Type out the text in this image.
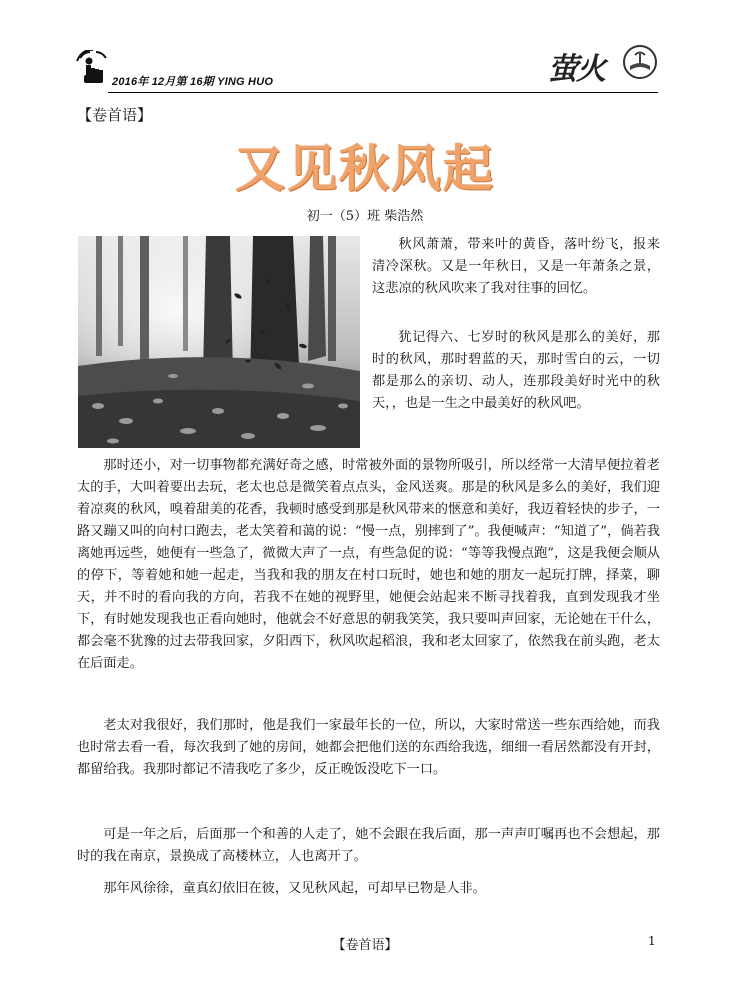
2016年 12月第 16期 YING HUO	萤火
【卷首语】
又见秋风起
初一（5）班 柴浩然

秋风萧萧，带来叶的黄昏，落叶纷飞，报来清冷深秋。又是一年秋日，又是一年萧条之景，这悲凉的秋风吹来了我对往事的回忆。

犹记得六、七岁时的秋风是那么的美好，那时的秋风，那时碧蓝的天，那时雪白的云，一切都是那么的亲切、动人，连那段美好时光中的秋天，，也是一生之中最美好的秋风吧。

那时还小，对一切事物都充满好奇之感，时常被外面的景物所吸引，所以经常一大清早便拉着老太的手，大叫着要出去玩，老太也总是微笑着点点头，金风送爽。那是的秋风是多么的美好，我们迎着凉爽的秋风，嗅着甜美的花香，我顿时感受到那是秋风带来的惬意和美好，我迈着轻快的步子，一路又蹦又叫的向村口跑去，老太笑着和蔼的说：“慢一点，别摔到了”。我便喊声：“知道了”，倘若我离她再远些，她便有一些急了，微微大声了一点，有些急促的说：“等等我慢点跑”，这是我便会顺从的停下，等着她和她一起走，当我和我的朋友在村口玩时，她也和她的朋友一起玩打牌，择菜，聊天，并不时的看向我的方向，若我不在她的视野里，她便会站起来不断寻找着我，直到发现我才坐下，有时她发现我也正看向她时，他就会不好意思的朝我笑笑，我只要叫声回家，无论她在干什么，都会毫不犹豫的过去带我回家，夕阳西下，秋风吹起稻浪，我和老太回家了，依然我在前头跑，老太在后面走。

老太对我很好，我们那时，他是我们一家最年长的一位，所以，大家时常送一些东西给她，而我也时常去看一看，每次我到了她的房间，她都会把他们送的东西给我选，细细一看居然都没有开封，都留给我。我那时都记不清我吃了多少，反正晚饭没吃下一口。

可是一年之后，后面那一个和善的人走了，她不会跟在我后面，那一声声叮嘱再也不会想起，那时的我在南京，景换成了高楼林立，人也离开了。

那年风徐徐，童真幻依旧在彼，又见秋风起，可却早已物是人非。

【卷首语】	1
